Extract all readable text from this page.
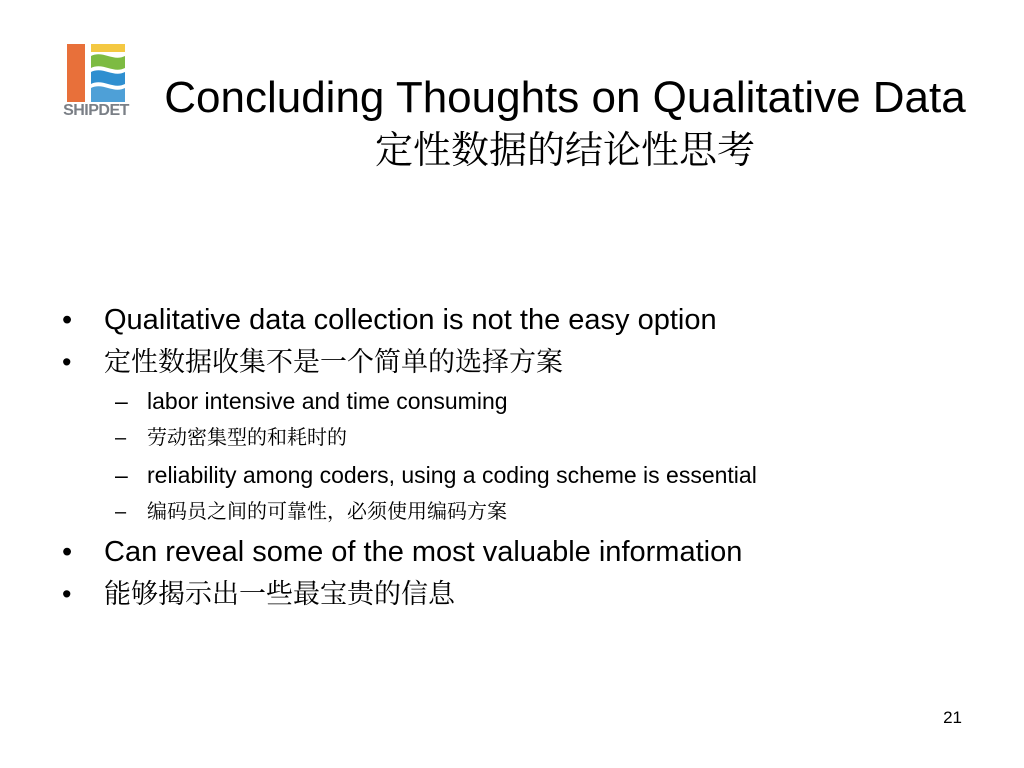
SHIPDET Concluding Thoughts on Qualitative Data
定性数据的结论性思考
• Qualitative data collection is not the easy option
• 定性数据收集不是一个简单的选择方案
– labor intensive and time consuming
– 劳动密集型的和耗时的
– reliability among coders, using a coding scheme is essential
– 编码员之间的可靠性，必须使用编码方案
• Can reveal some of the most valuable information
• 能够揭示出一些最宝贵的信息
21
